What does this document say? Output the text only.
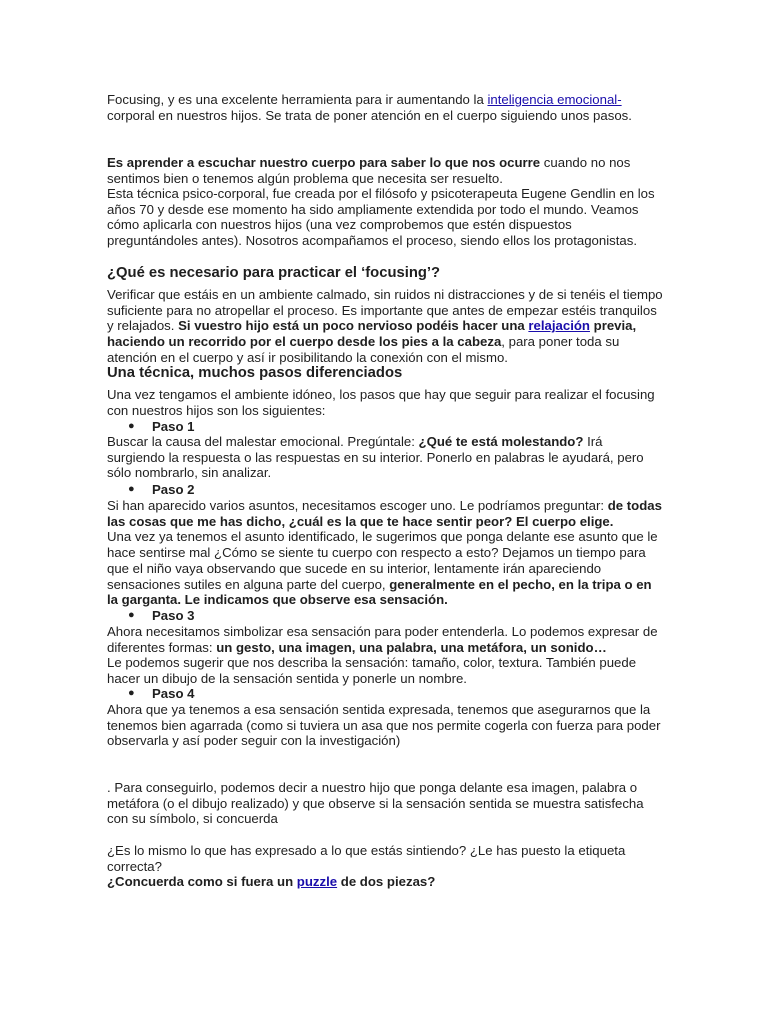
Focusing, y es una excelente herramienta para ir aumentando la inteligencia emocional-corporal en nuestros hijos. Se trata de poner atención en el cuerpo siguiendo unos pasos.

Es aprender a escuchar nuestro cuerpo para saber lo que nos ocurre cuando no nos sentimos bien o tenemos algún problema que necesita ser resuelto.

Esta técnica psico-corporal, fue creada por el filósofo y psicoterapeuta Eugene Gendlin en los años 70 y desde ese momento ha sido ampliamente extendida por todo el mundo. Veamos cómo aplicarla con nuestros hijos (una vez comprobemos que estén dispuestos preguntándoles antes). Nosotros acompañamos el proceso, siendo ellos los protagonistas.

¿Qué es necesario para practicar el ‘focusing’?

Verificar que estáis en un ambiente calmado, sin ruidos ni distracciones y de si tenéis el tiempo suficiente para no atropellar el proceso. Es importante que antes de empezar estéis tranquilos y relajados. Si vuestro hijo está un poco nervioso podéis hacer una relajación previa, haciendo un recorrido por el cuerpo desde los pies a la cabeza, para poner toda su atención en el cuerpo y así ir posibilitando la conexión con el mismo.

Una técnica, muchos pasos diferenciados

Una vez tengamos el ambiente idóneo, los pasos que hay que seguir para realizar el focusing con nuestros hijos son los siguientes:

● Paso 1

Buscar la causa del malestar emocional. Pregúntale: ¿Qué te está molestando? Irá surgiendo la respuesta o las respuestas en su interior. Ponerlo en palabras le ayudará, pero sólo nombrarlo, sin analizar.

● Paso 2

Si han aparecido varios asuntos, necesitamos escoger uno. Le podríamos preguntar: de todas las cosas que me has dicho, ¿cuál es la que te hace sentir peor? El cuerpo elige.
Una vez ya tenemos el asunto identificado, le sugerimos que ponga delante ese asunto que le hace sentirse mal ¿Cómo se siente tu cuerpo con respecto a esto? Dejamos un tiempo para que el niño vaya observando que sucede en su interior, lentamente irán apareciendo sensaciones sutiles en alguna parte del cuerpo, generalmente en el pecho, en la tripa o en la garganta. Le indicamos que observe esa sensación.

● Paso 3

Ahora necesitamos simbolizar esa sensación para poder entenderla. Lo podemos expresar de diferentes formas: un gesto, una imagen, una palabra, una metáfora, un sonido…
Le podemos sugerir que nos describa la sensación: tamaño, color, textura. También puede hacer un dibujo de la sensación sentida y ponerle un nombre.

● Paso 4

Ahora que ya tenemos a esa sensación sentida expresada, tenemos que asegurarnos que la tenemos bien agarrada (como si tuviera un asa que nos permite cogerla con fuerza para poder observarla y así poder seguir con la investigación)

. Para conseguirlo, podemos decir a nuestro hijo que ponga delante esa imagen, palabra o metáfora (o el dibujo realizado) y que observe si la sensación sentida se muestra satisfecha con su símbolo, si concuerda

¿Es lo mismo lo que has expresado a lo que estás sintiendo? ¿Le has puesto la etiqueta correcta?

¿Concuerda como si fuera un puzzle de dos piezas?
